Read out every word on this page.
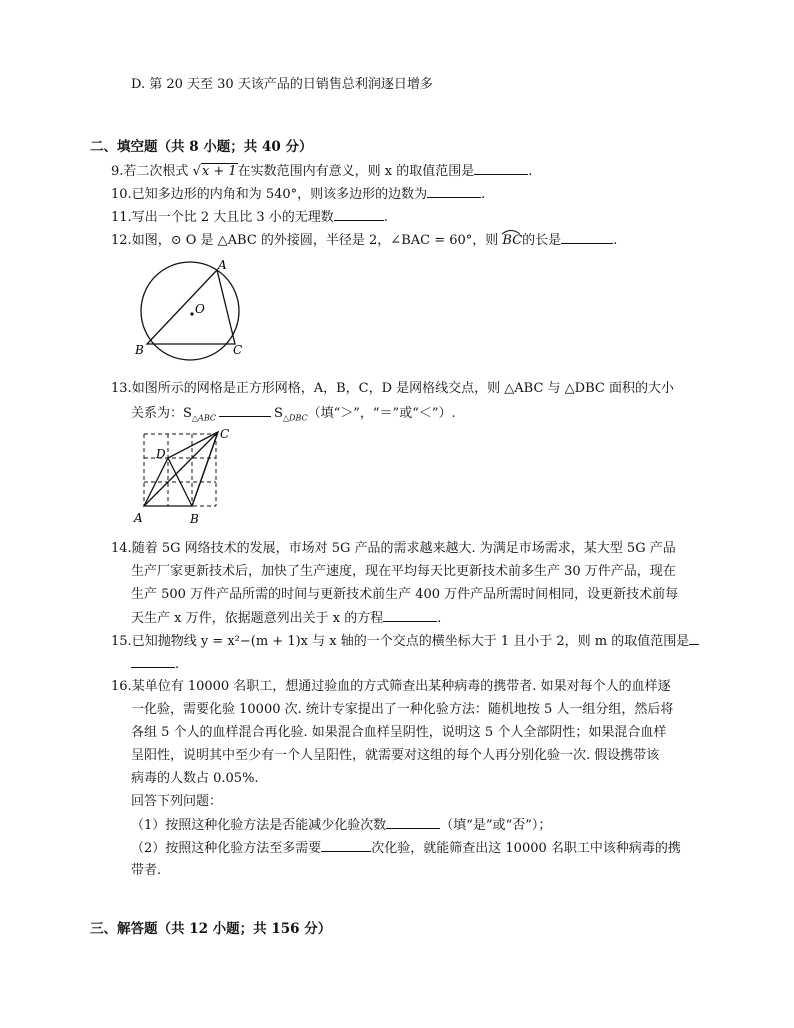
D. 第 20 天至 30 天该产品的日销售总利润逐日增多
二、填空题（共 8 小题；共 40 分）
9.若二次根式 √x + 1在实数范围内有意义，则 x 的取值范围是	.
10.已知多边形的内角和为 540°，则该多边形的边数为	.
11.写出一个比 2 大且比 3 小的无理数	.
12.如图，⊙ O 是 △ABC 的外接圆，半径是 2，∠BAC = 60°，则 BC的长是	.
A
B	C
O
13.如图所示的网格是正方形网格，A，B，C，D 是网格线交点，则 △ABC 与 △DBC 面积的大小
关系为：$S_{\triangle ABC}$	$S_{\triangle DBC}$（填“＞”，“＝”或“＜”）.
A	B
C
D
14.随着 5G 网络技术的发展，市场对 5G 产品的需求越来越大. 为满足市场需求，某大型 5G 产品
生产厂家更新技术后，加快了生产速度，现在平均每天比更新技术前多生产 30 万件产品，现在
生产 500 万件产品所需的时间与更新技术前生产 400 万件产品所需时间相同，设更新技术前每
天生产 x 万件，依据题意列出关于 x 的方程	.
15.已知抛物线 y = x²−(m + 1)x 与 x 轴的一个交点的横坐标大于 1 且小于 2，则 m 的取值范围是
.
16.某单位有 10000 名职工，想通过验血的方式筛查出某种病毒的携带者. 如果对每个人的血样逐
一化验，需要化验 10000 次. 统计专家提出了一种化验方法：随机地按 5 人一组分组，然后将
各组 5 个人的血样混合再化验. 如果混合血样呈阴性，说明这 5 个人全部阴性；如果混合血样
呈阳性，说明其中至少有一个人呈阳性，就需要对这组的每个人再分别化验一次. 假设携带该
病毒的人数占 0.05%.
回答下列问题：
（1）按照这种化验方法是否能减少化验次数	（填“是”或“否”）；
（2）按照这种化验方法至多需要	次化验，就能筛查出这 10000 名职工中该种病毒的携
带者.
三、解答题（共 12 小题；共 156 分）
